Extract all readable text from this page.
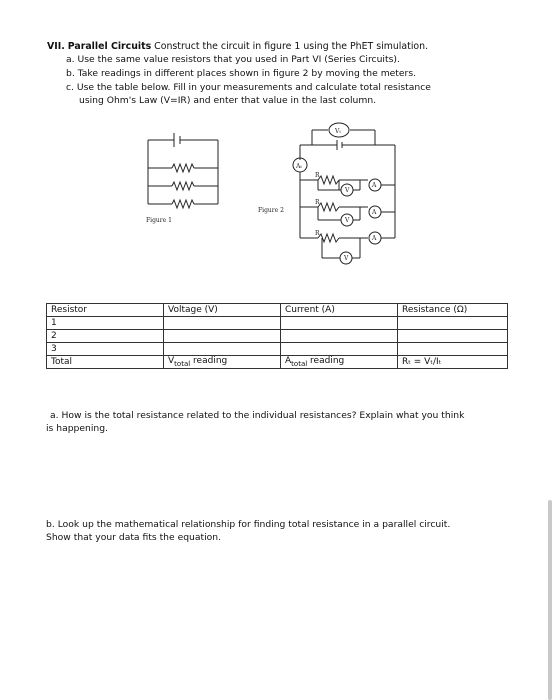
VII. Parallel Circuits Construct the circuit in figure 1 using the PhET simulation.
a. Use the same value resistors that you used in Part VI (Series Circuits).
b. Take readings in different places shown in figure 2 by moving the meters.
c. Use the table below. Fill in your measurements and calculate total resistance
using Ohm's Law (V=IR) and enter that value in the last column.
Figure 1
Figure 2
Vₜ
Aₜ
R
R
R
A
A
A
V
V
V
Resistor	Voltage (V)	Current (A)	Resistance (Ω)
1			
2			
3			
Total	$V_{total}$ reading	$A_{total}$ reading	Rₜ = Vₜ/Iₜ
a. How is the total resistance related to the individual resistances? Explain what you think
is happening.
b. Look up the mathematical relationship for finding total resistance in a parallel circuit.
Show that your data fits the equation.
